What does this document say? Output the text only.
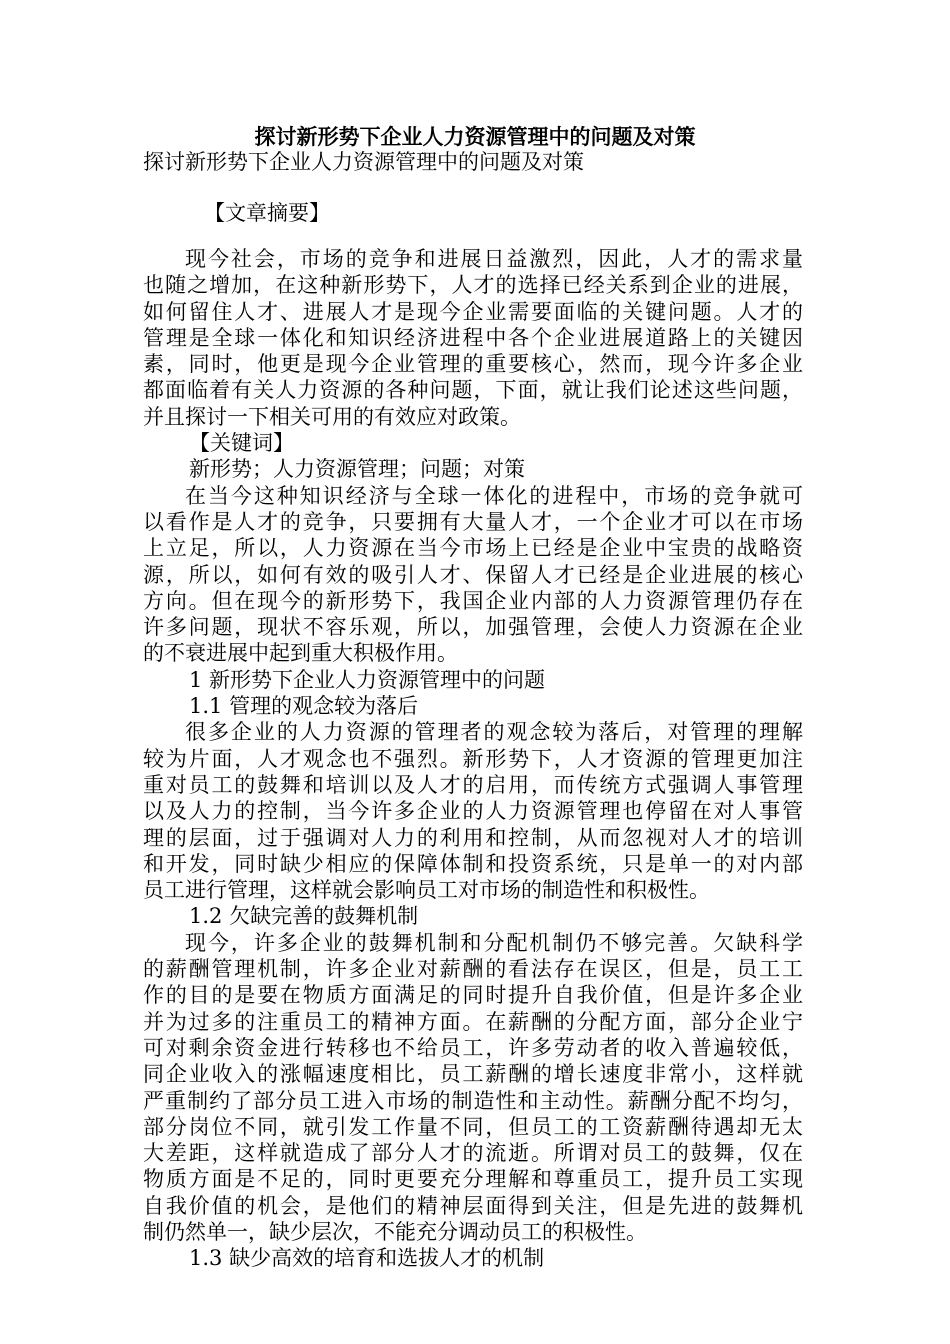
探讨新形势下企业人力资源管理中的问题及对策
探讨新形势下企业人力资源管理中的问题及对策
【文章摘要】
现今社会，市场的竞争和进展日益激烈，因此，人才的需求量
也随之增加，在这种新形势下，人才的选择已经关系到企业的进展，
如何留住人才、进展人才是现今企业需要面临的关键问题。人才的
管理是全球一体化和知识经济进程中各个企业进展道路上的关键因
素，同时，他更是现今企业管理的重要核心，然而，现今许多企业
都面临着有关人力资源的各种问题，下面，就让我们论述这些问题，
并且探讨一下相关可用的有效应对政策。
【关键词】
新形势；人力资源管理；问题；对策
在当今这种知识经济与全球一体化的进程中，市场的竞争就可
以看作是人才的竞争，只要拥有大量人才，一个企业才可以在市场
上立足，所以，人力资源在当今市场上已经是企业中宝贵的战略资
源，所以，如何有效的吸引人才、保留人才已经是企业进展的核心
方向。但在现今的新形势下，我国企业内部的人力资源管理仍存在
许多问题，现状不容乐观，所以，加强管理，会使人力资源在企业
的不衰进展中起到重大积极作用。
1 新形势下企业人力资源管理中的问题
1.1 管理的观念较为落后
很多企业的人力资源的管理者的观念较为落后，对管理的理解
较为片面，人才观念也不强烈。新形势下，人才资源的管理更加注
重对员工的鼓舞和培训以及人才的启用，而传统方式强调人事管理
以及人力的控制，当今许多企业的人力资源管理也停留在对人事管
理的层面，过于强调对人力的利用和控制，从而忽视对人才的培训
和开发，同时缺少相应的保障体制和投资系统，只是单一的对内部
员工进行管理，这样就会影响员工对市场的制造性和积极性。
1.2 欠缺完善的鼓舞机制
现今，许多企业的鼓舞机制和分配机制仍不够完善。欠缺科学
的薪酬管理机制，许多企业对薪酬的看法存在误区，但是，员工工
作的目的是要在物质方面满足的同时提升自我价值，但是许多企业
并为过多的注重员工的精神方面。在薪酬的分配方面，部分企业宁
可对剩余资金进行转移也不给员工，许多劳动者的收入普遍较低，
同企业收入的涨幅速度相比，员工薪酬的增长速度非常小，这样就
严重制约了部分员工进入市场的制造性和主动性。薪酬分配不均匀，
部分岗位不同，就引发工作量不同，但员工的工资薪酬待遇却无太
大差距，这样就造成了部分人才的流逝。所谓对员工的鼓舞，仅在
物质方面是不足的，同时更要充分理解和尊重员工，提升员工实现
自我价值的机会，是他们的精神层面得到关注，但是先进的鼓舞机
制仍然单一，缺少层次，不能充分调动员工的积极性。
1.3 缺少高效的培育和选拔人才的机制
